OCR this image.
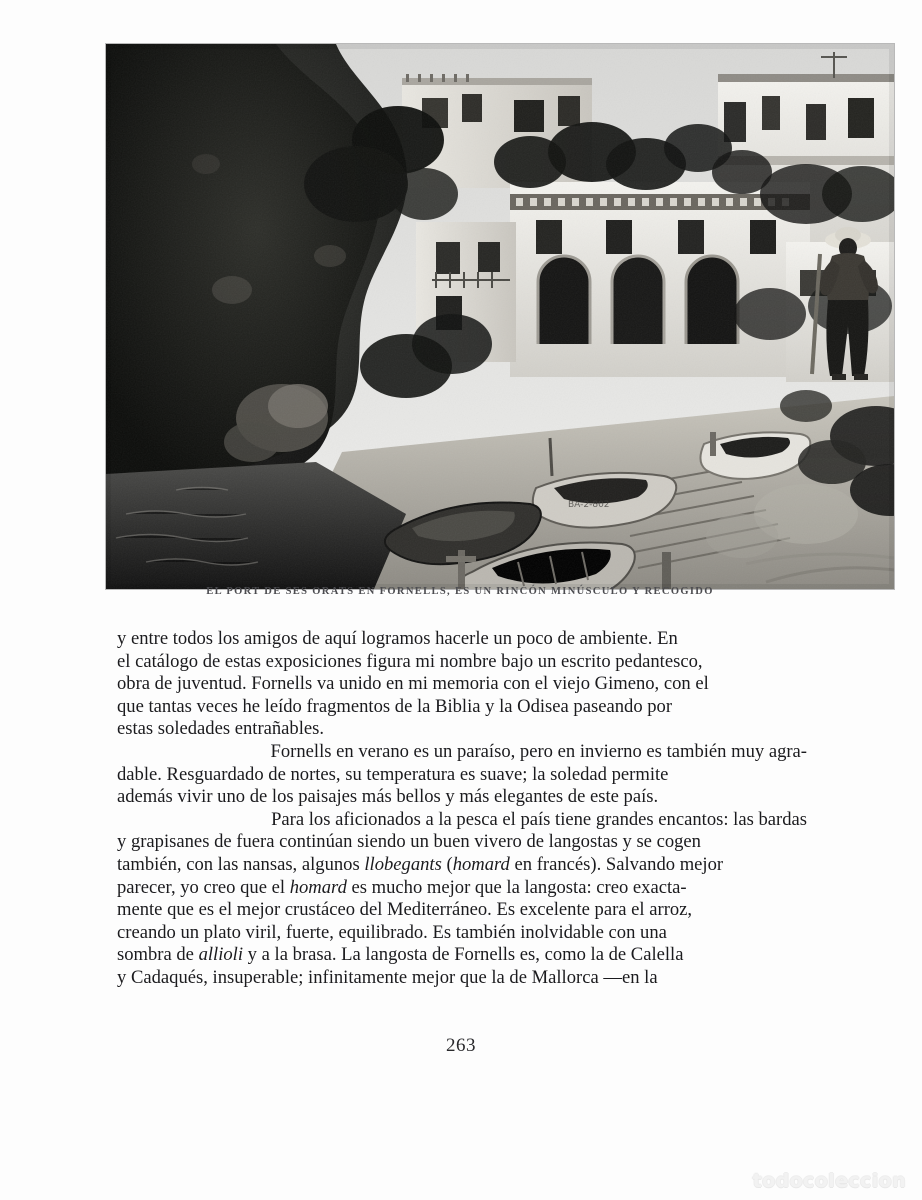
EL PORT DE SES ORATS EN FORNELLS, ES UN RINCÓN MINÚSCULO Y RECOGIDO

y entre todos los amigos de aquí logramos hacerle un poco de ambiente. En
el catálogo de estas exposiciones figura mi nombre bajo un escrito pedantesco,
obra de juventud. Fornells va unido en mi memoria con el viejo Gimeno, con el
que tantas veces he leído fragmentos de la Biblia y la Odisea paseando por
estas soledades entrañables.

Fornells en verano es un paraíso, pero en invierno es también muy agra-
dable. Resguardado de nortes, su temperatura es suave; la soledad permite
además vivir uno de los paisajes más bellos y más elegantes de este país.

Para los aficionados a la pesca el país tiene grandes encantos: las bardas
y grapisanes de fuera continúan siendo un buen vivero de langostas y se cogen
también, con las nansas, algunos llobegants (homard en francés). Salvando mejor
parecer, yo creo que el homard es mucho mejor que la langosta: creo exacta-
mente que es el mejor crustáceo del Mediterráneo. Es excelente para el arroz,
creando un plato viril, fuerte, equilibrado. Es también inolvidable con una
sombra de allioli y a la brasa. La langosta de Fornells es, como la de Calella
y Cadaqués, insuperable; infinitamente mejor que la de Mallorca —en la

263
todocoleccion
